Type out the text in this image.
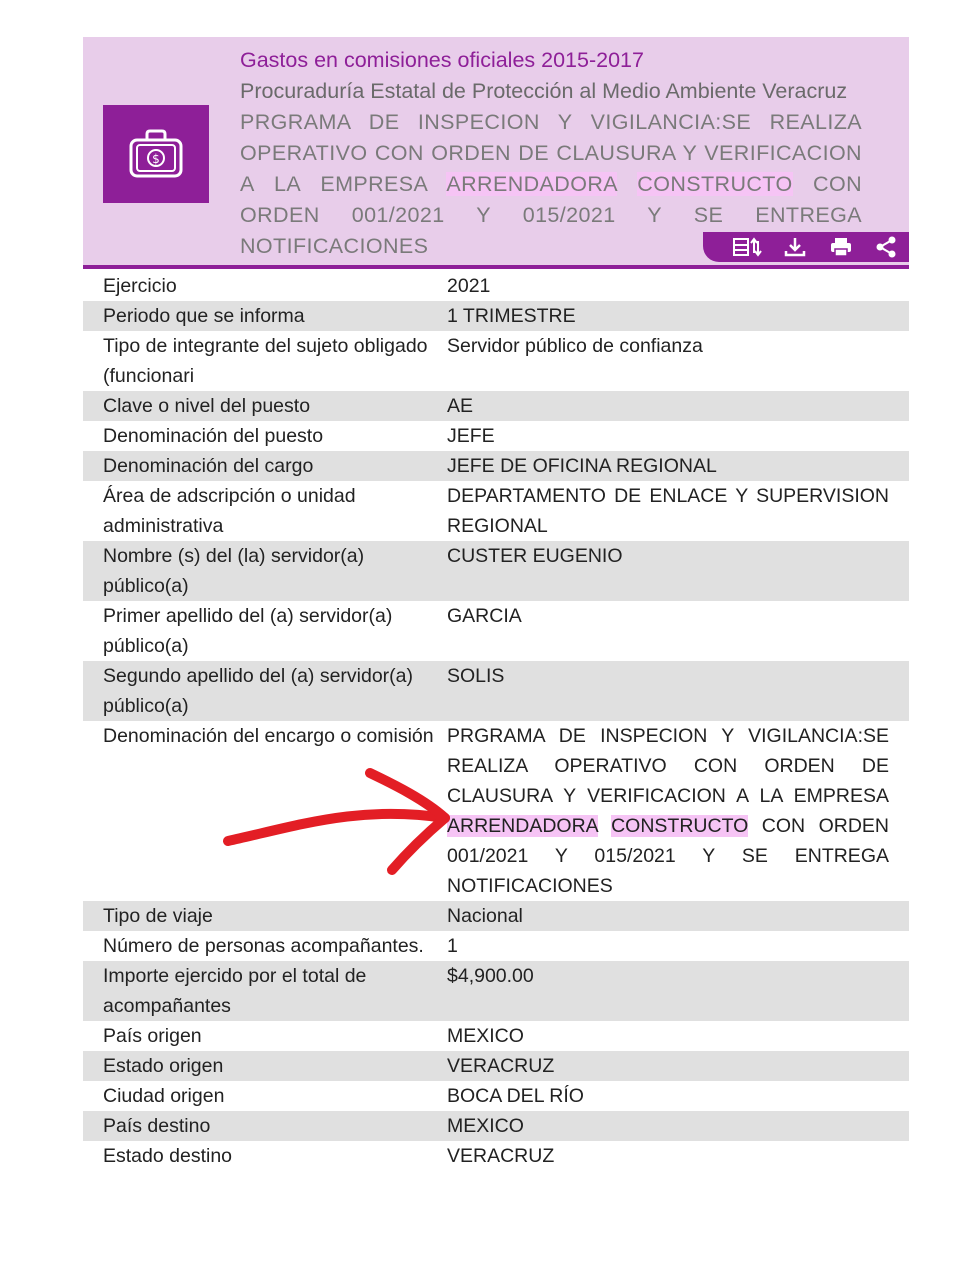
$
Gastos en comisiones oficiales 2015-2017
Procuraduría Estatal de Protección al Medio Ambiente Veracruz
PRGRAMA DE INSPECION Y VIGILANCIA:SE REALIZA OPERATIVO CON ORDEN DE CLAUSURA Y VERIFICACION A LA EMPRESA ARRENDADORA CONSTRUCTO CON ORDEN 001/2021 Y 015/2021 Y SE ENTREGA NOTIFICACIONES
Ejercicio	2021
Periodo que se informa	1 TRIMESTRE
Tipo de integrante del sujeto obligado (funcionari	Servidor público de confianza
Clave o nivel del puesto	AE
Denominación del puesto	JEFE
Denominación del cargo	JEFE DE OFICINA REGIONAL
Área de adscripción o unidad administrativa	DEPARTAMENTO DE ENLACE Y SUPERVISION REGIONAL
Nombre (s) del (la) servidor(a) público(a)	CUSTER EUGENIO
Primer apellido del (a) servidor(a) público(a)	GARCIA
Segundo apellido del (a) servidor(a) público(a)	SOLIS
Denominación del encargo o comisión	PRGRAMA DE INSPECION Y VIGILANCIA:SE REALIZA OPERATIVO CON ORDEN DE CLAUSURA Y VERIFICACION A LA EMPRESA ARRENDADORA CONSTRUCTO CON ORDEN 001/2021 Y 015/2021 Y SE ENTREGA NOTIFICACIONES
Tipo de viaje	Nacional
Número de personas acompañantes.	1
Importe ejercido por el total de acompañantes	$4,900.00
País origen	MEXICO
Estado origen	VERACRUZ
Ciudad origen	BOCA DEL RÍO
País destino	MEXICO
Estado destino	VERACRUZ
